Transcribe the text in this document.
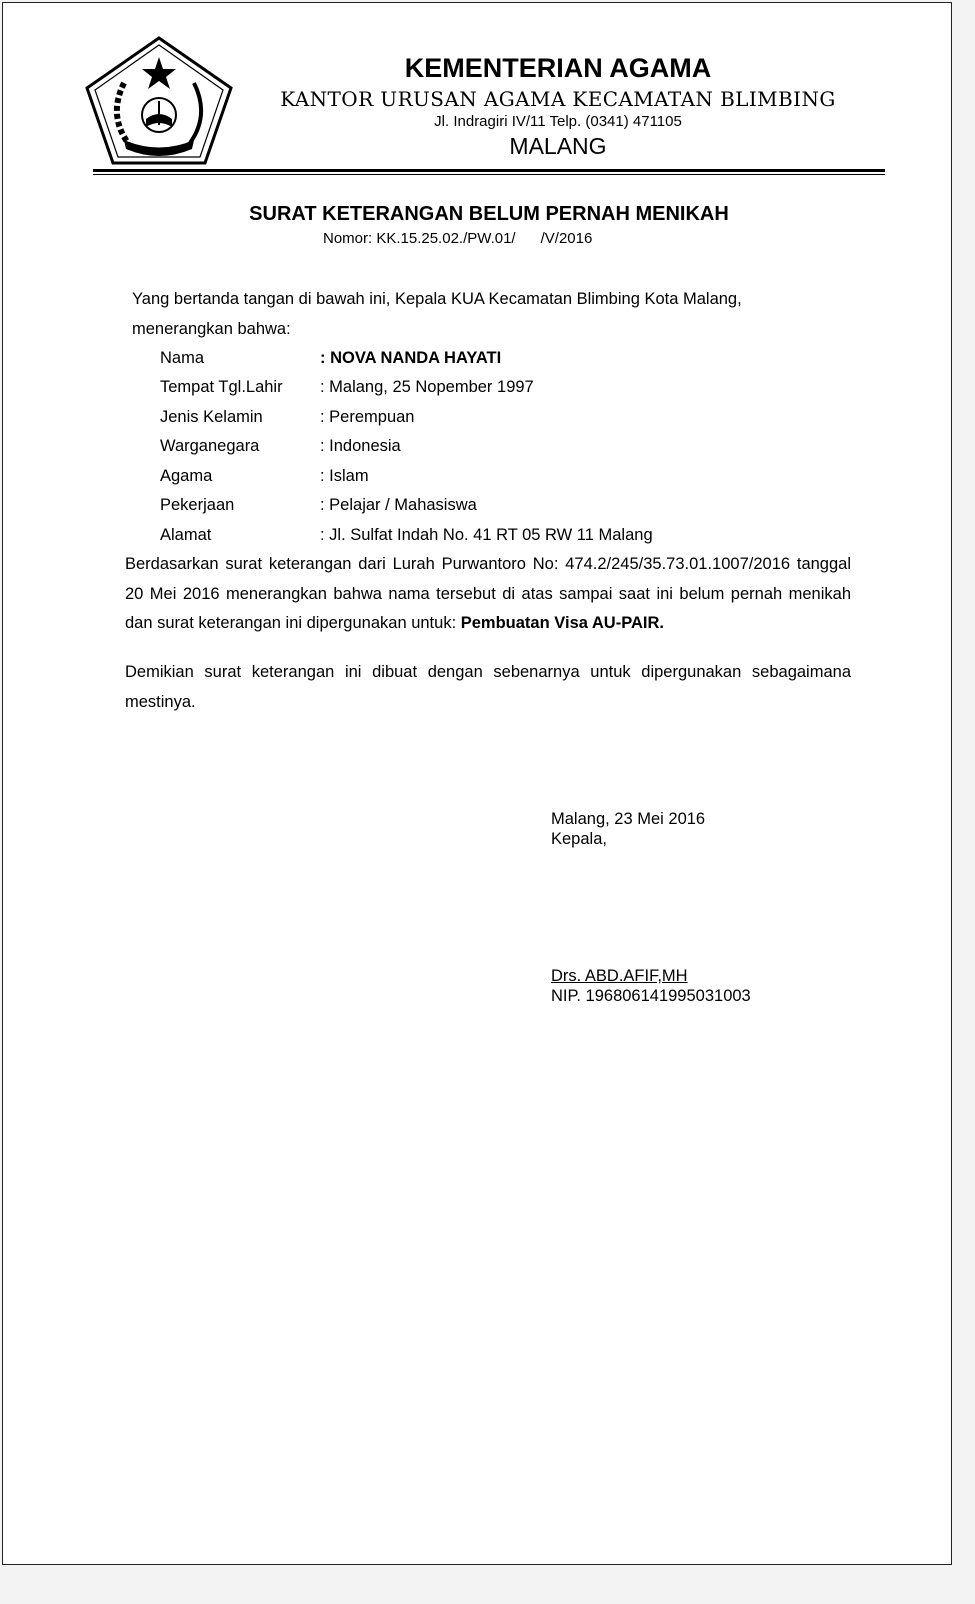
KEMENTERIAN AGAMA
KANTOR URUSAN AGAMA KECAMATAN BLIMBING
Jl. Indragiri IV/11 Telp. (0341) 471105
MALANG
SURAT KETERANGAN BELUM PERNAH MENIKAH
Nomor: KK.15.25.02./PW.01/      /V/2016
Yang bertanda tangan di bawah ini, Kepala KUA Kecamatan Blimbing Kota Malang,
menerangkan bahwa:
Nama	: NOVA NANDA HAYATI
Tempat Tgl.Lahir : Malang, 25 Nopember 1997
Jenis Kelamin	: Perempuan
Warganegara	: Indonesia
Agama	: Islam
Pekerjaan	: Pelajar / Mahasiswa
Alamat	: Jl. Sulfat Indah No. 41 RT 05 RW 11 Malang
Berdasarkan surat keterangan dari Lurah Purwantoro No: 474.2/245/35.73.01.1007/2016 tanggal 20 Mei 2016 menerangkan bahwa nama tersebut di atas sampai saat ini belum pernah menikah dan surat keterangan ini dipergunakan untuk: Pembuatan Visa AU-PAIR.
Demikian surat keterangan ini dibuat dengan sebenarnya untuk dipergunakan sebagaimana mestinya.
Malang, 23 Mei 2016
Kepala,
Drs. ABD.AFIF,MH
NIP. 196806141995031003
